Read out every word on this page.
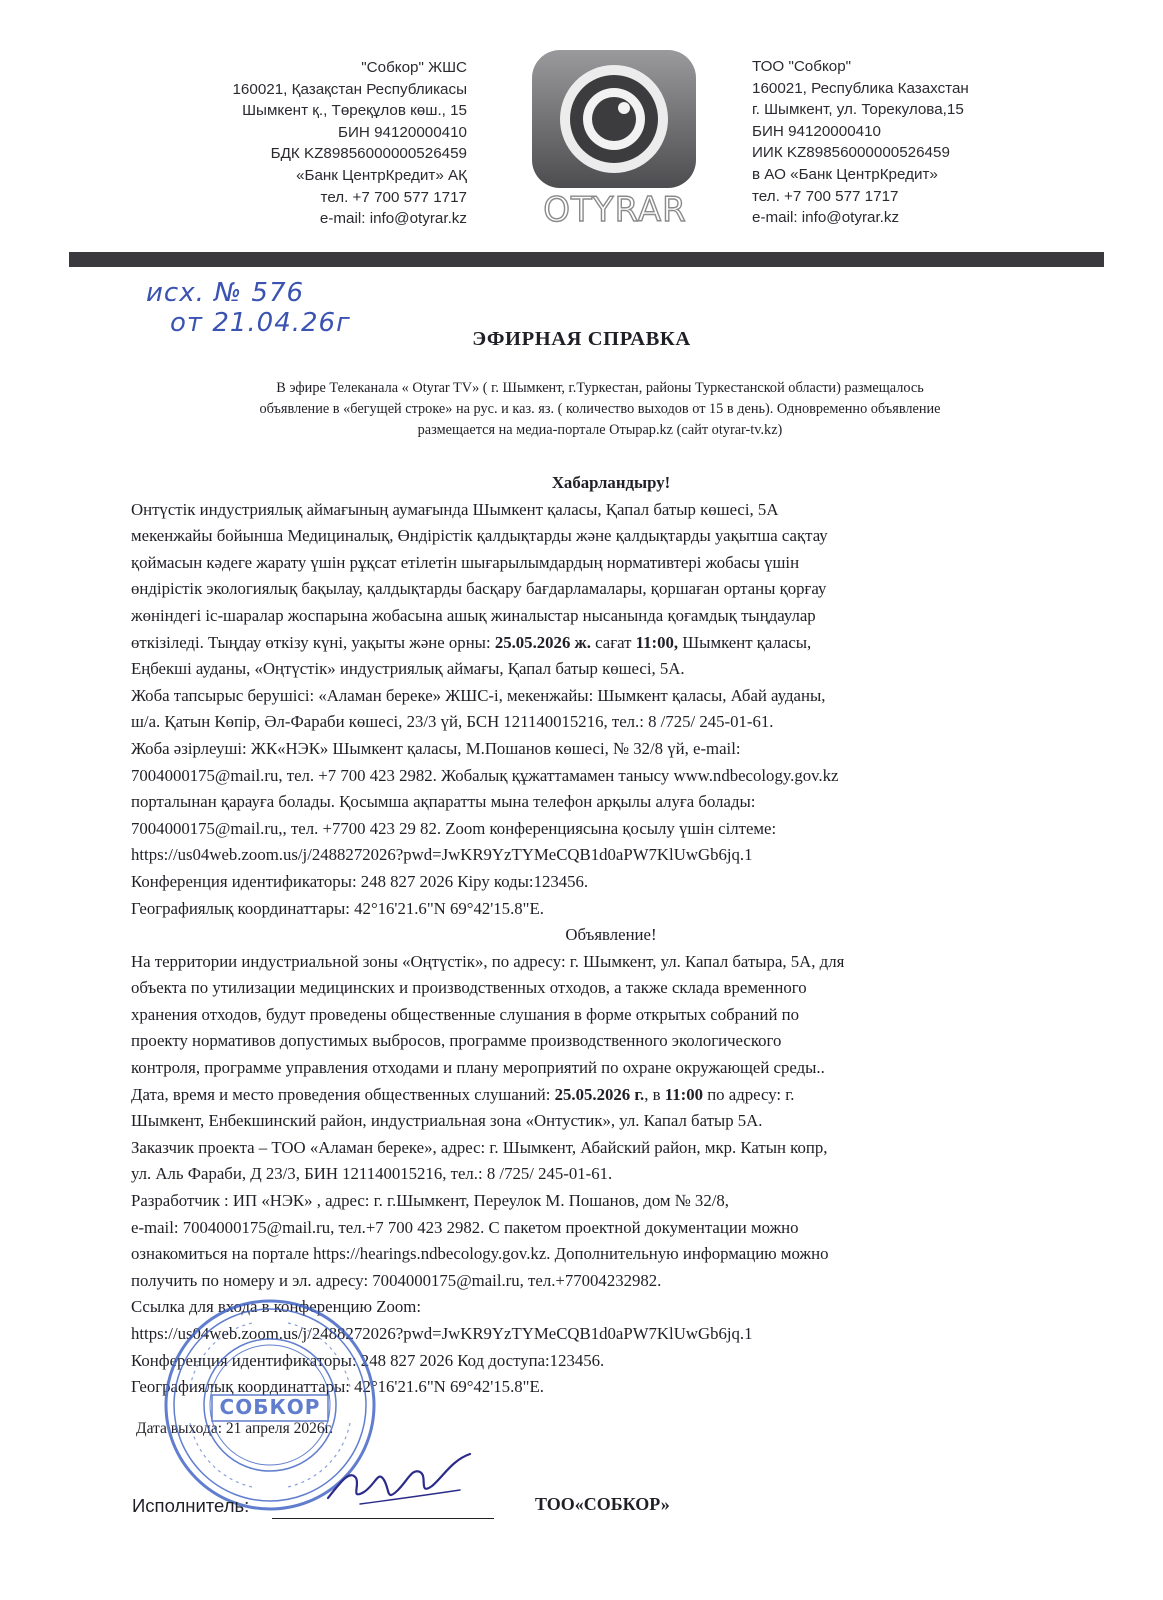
"Собкор" ЖШС
160021, Қазақстан Республикасы
Шымкент қ., Төреқұлов көш., 15
БИН 94120000410
БДК KZ89856000000526459
«Банк ЦентрКредит» АҚ
тел. +7 700 577 1717
e-mail: info@otyrar.kz	OTYRAR
ТОО "Собкор"
160021, Республика Казахстан
г. Шымкент, ул. Торекулова,15
БИН 94120000410
ИИК KZ89856000000526459
в АО «Банк ЦентрКредит»
тел. +7 700 577 1717
e-mail: info@otyrar.kz
исх. № 576
от 21.04.26г
ЭФИРНАЯ СПРАВКА
В эфире Телеканала « Otyrar TV» ( г. Шымкент, г.Туркестан, районы Туркестанской области) размещалось
объявление в «бегущей строке» на рус. и каз. яз. ( количество выходов от 15 в день). Одновременно объявление
размещается на медиа-портале Отырар.kz (сайт otyrar-tv.kz)
Хабарландыру!
Онтүстік индустриялық аймағының аумағында Шымкент қаласы, Қапал батыр көшесі, 5А
мекенжайы бойынша Медициналық, Өндірістік қалдықтарды және қалдықтарды уақытша сақтау
қоймасын кәдеге жарату үшін рұқсат етілетін шығарылымдардың нормативтері жобасы үшін
өндірістік экологиялық бақылау, қалдықтарды басқару бағдарламалары, қоршаған ортаны қорғау
жөніндегі іс-шаралар жоспарына жобасына ашық жиналыстар нысанында қоғамдық тыңдаулар
өткізіледі. Тыңдау өткізу күні, уақыты және орны: 25.05.2026 ж. сағат 11:00, Шымкент қаласы,
Еңбекші ауданы, «Оңтүстік» индустриялық аймағы, Қапал батыр көшесі, 5А.
Жоба тапсырыс берушісі: «Аламан береке» ЖШС-і, мекенжайы: Шымкент қаласы, Абай ауданы,
ш/а. Қатын Көпір, Әл-Фараби көшесі, 23/3 үй, БСН 121140015216, тел.: 8 /725/ 245-01-61.
Жоба әзірлеуші: ЖК«НЭК» Шымкент қаласы, М.Пошанов көшесі, № 32/8 үй, e-mail:
7004000175@mail.ru, тел. +7 700 423 2982. Жобалық құжаттамамен танысу www.ndbecology.gov.kz
порталынан қарауға болады. Қосымша ақпаратты мына телефон арқылы алуға болады:
7004000175@mail.ru,, тел. +7700 423 29 82. Zoom конференциясына қосылу үшін сілтеме:
https://us04web.zoom.us/j/2488272026?pwd=JwKR9YzTYMeCQB1d0aPW7KlUwGb6jq.1
Конференция идентификаторы: 248 827 2026 Кіру коды:123456.
Географиялық координаттары: 42°16'21.6"N 69°42'15.8"E.
Объявление!
На территории индустриальной зоны «Оңтүстік», по адресу: г. Шымкент, ул. Капал батыра, 5А, для
объекта по утилизации медицинских и производственных отходов, а также склада временного
хранения отходов, будут проведены общественные слушания в форме открытых собраний по
проекту нормативов допустимых выбросов, программе производственного экологического
контроля, программе управления отходами и плану мероприятий по охране окружающей среды..
Дата, время и место проведения общественных слушаний: 25.05.2026 г., в 11:00 по адресу: г.
Шымкент, Енбекшинский район, индустриальная зона «Онтустик», ул. Капал батыр 5А.
Заказчик проекта – ТОО «Аламан береке», адрес: г. Шымкент, Абайский район, мкр. Катын копр,
ул. Аль Фараби, Д 23/3, БИН 121140015216, тел.: 8 /725/ 245-01-61.
Разработчик : ИП «НЭК» , адрес: г. г.Шымкент, Переулок М. Пошанов, дом № 32/8,
e-mail: 7004000175@mail.ru, тел.+7 700 423 2982. С пакетом проектной документации можно
ознакомиться на портале https://hearings.ndbecology.gov.kz. Дополнительную информацию можно
получить по номеру и эл. адресу: 7004000175@mail.ru, тел.+77004232982.
Ссылка для входа в конференцию Zoom:
https://us04web.zoom.us/j/2488272026?pwd=JwKR9YzTYMeCQB1d0aPW7KlUwGb6jq.1
Конференция идентификаторы: 248 827 2026 Код доступа:123456.
Географиялық координаттары: 42°16'21.6"N 69°42'15.8"E.
Дата выхода: 21 апреля 2026г.
СОБКОР
Исполнитель:	ТОО«СОБКОР»
